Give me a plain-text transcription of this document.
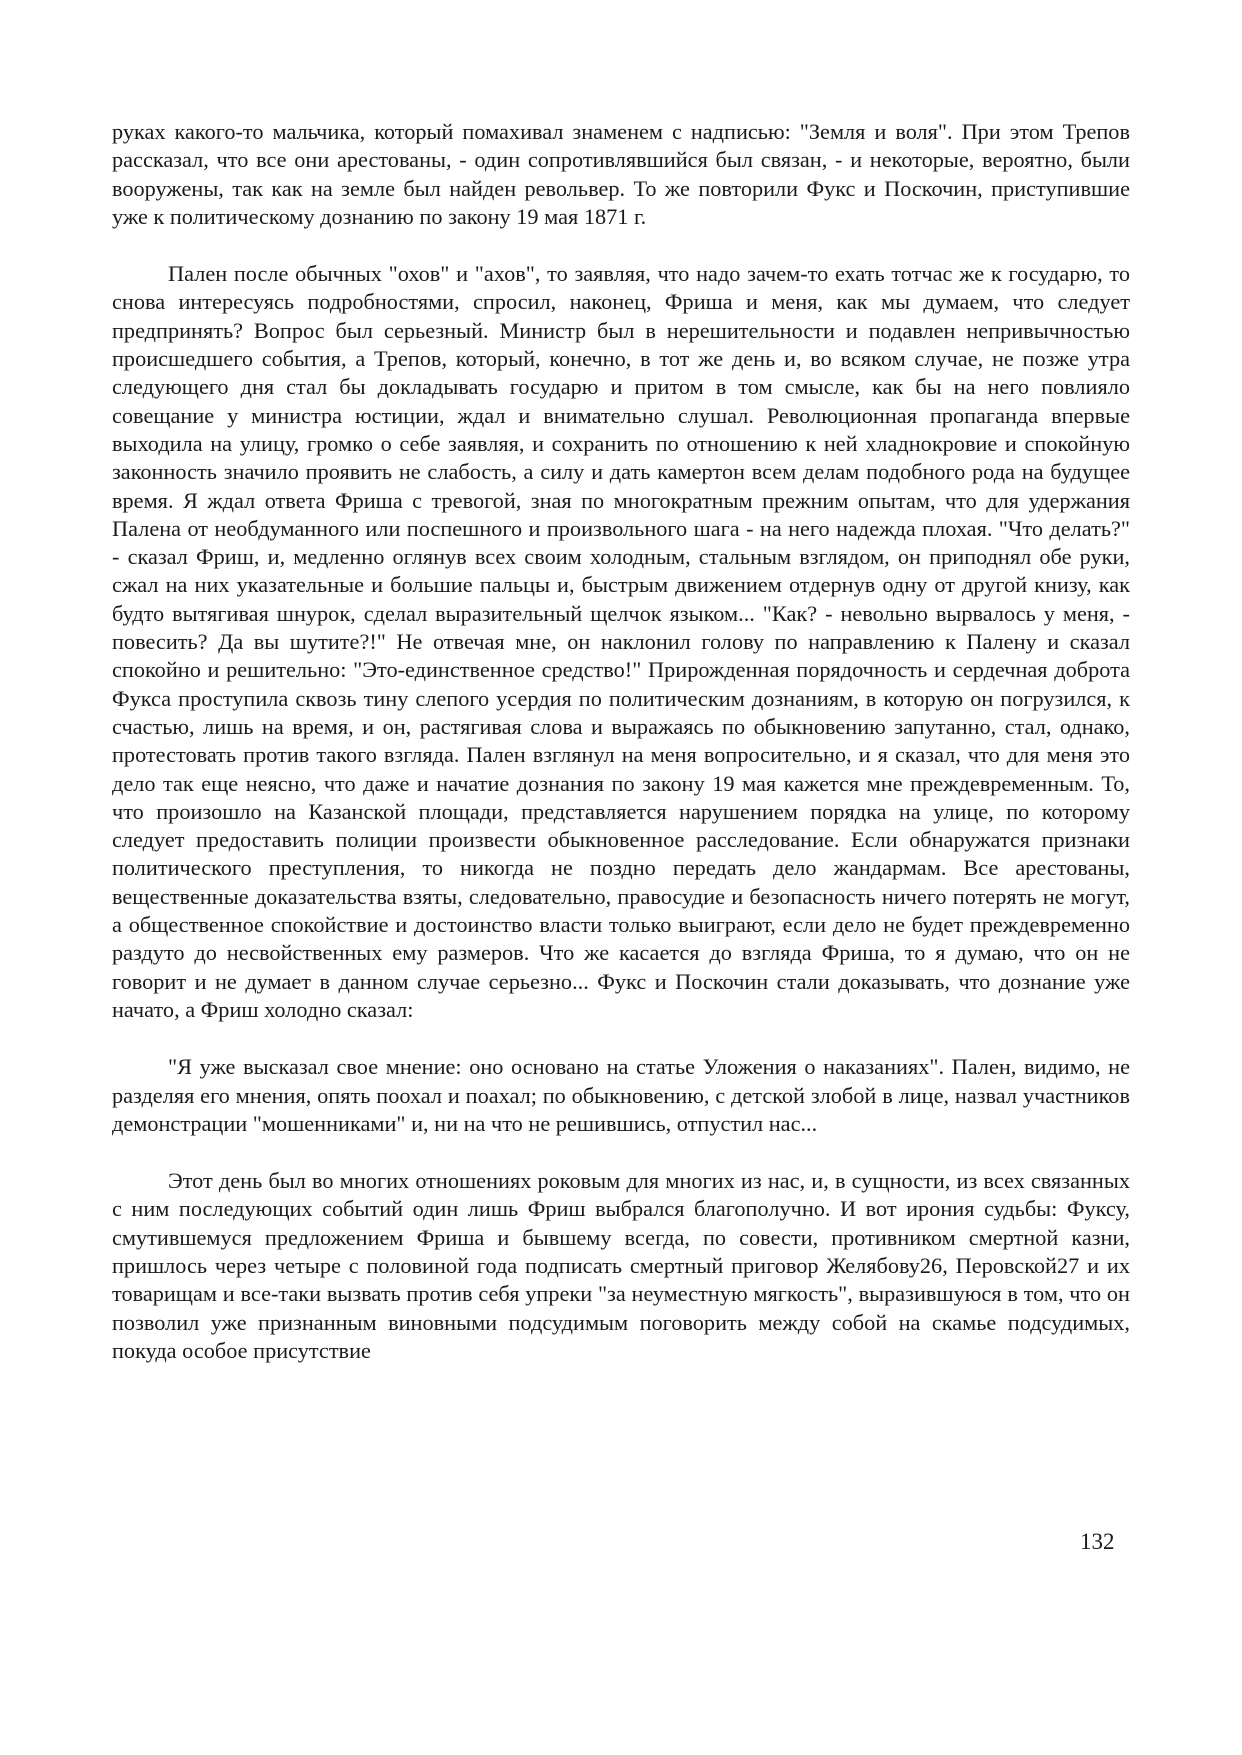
руках какого-то мальчика, который помахивал знаменем с надписью: "Земля и воля". При этом Трепов рассказал, что все они арестованы, - один сопротивлявшийся был связан, - и некоторые, вероятно, были вооружены, так как на земле был найден револьвер. То же повторили Фукс и Поскочин, приступившие уже к политическому дознанию по закону 19 мая 1871 г.

Пален после обычных "охов" и "ахов", то заявляя, что надо зачем-то ехать тотчас же к государю, то снова интересуясь подробностями, спросил, наконец, Фриша и меня, как мы думаем, что следует предпринять? Вопрос был серьезный. Министр был в нерешительности и подавлен непривычностью происшедшего события, а Трепов, который, конечно, в тот же день и, во всяком случае, не позже утра следующего дня стал бы докладывать государю и притом в том смысле, как бы на него повлияло совещание у министра юстиции, ждал и внимательно слушал. Революционная пропаганда впервые выходила на улицу, громко о себе заявляя, и сохранить по отношению к ней хладнокровие и спокойную законность значило проявить не слабость, а силу и дать камертон всем делам подобного рода на будущее время. Я ждал ответа Фриша с тревогой, зная по многократным прежним опытам, что для удержания Палена от необдуманного или поспешного и произвольного шага - на него надежда плохая. "Что делать?" - сказал Фриш, и, медленно оглянув всех своим холодным, стальным взглядом, он приподнял обе руки, сжал на них указательные и большие пальцы и, быстрым движением отдернув одну от другой книзу, как будто вытягивая шнурок, сделал выразительный щелчок языком... "Как? - невольно вырвалось у меня, - повесить? Да вы шутите?!" Не отвечая мне, он наклонил голову по направлению к Палену и сказал спокойно и решительно: "Это-единственное средство!" Прирожденная порядочность и сердечная доброта Фукса проступила сквозь тину слепого усердия по политическим дознаниям, в которую он погрузился, к счастью, лишь на время, и он, растягивая слова и выражаясь по обыкновению запутанно, стал, однако, протестовать против такого взгляда. Пален взглянул на меня вопросительно, и я сказал, что для меня это дело так еще неясно, что даже и начатие дознания по закону 19 мая кажется мне преждевременным. То, что произошло на Казанской площади, представляется нарушением порядка на улице, по которому следует предоставить полиции произвести обыкновенное расследование. Если обнаружатся признаки политического преступления, то никогда не поздно передать дело жандармам. Все арестованы, вещественные доказательства взяты, следовательно, правосудие и безопасность ничего потерять не могут, а общественное спокойствие и достоинство власти только выиграют, если дело не будет преждевременно раздуто до несвойственных ему размеров. Что же касается до взгляда Фриша, то я думаю, что он не говорит и не думает в данном случае серьезно... Фукс и Поскочин стали доказывать, что дознание уже начато, а Фриш холодно сказал:

"Я уже высказал свое мнение: оно основано на статье Уложения о наказаниях". Пален, видимо, не разделяя его мнения, опять поохал и поахал; по обыкновению, с детской злобой в лице, назвал участников демонстрации "мошенниками" и, ни на что не решившись, отпустил нас...

Этот день был во многих отношениях роковым для многих из нас, и, в сущности, из всех связанных с ним последующих событий один лишь Фриш выбрался благополучно. И вот ирония судьбы: Фуксу, смутившемуся предложением Фриша и бывшему всегда, по совести, противником смертной казни, пришлось через четыре с половиной года подписать смертный приговор Желябову26, Перовской27 и их товарищам и все-таки вызвать против себя упреки "за неуместную мягкость", выразившуюся в том, что он позволил уже признанным виновными подсудимым поговорить между собой на скамье подсудимых, покуда особое присутствие

132
